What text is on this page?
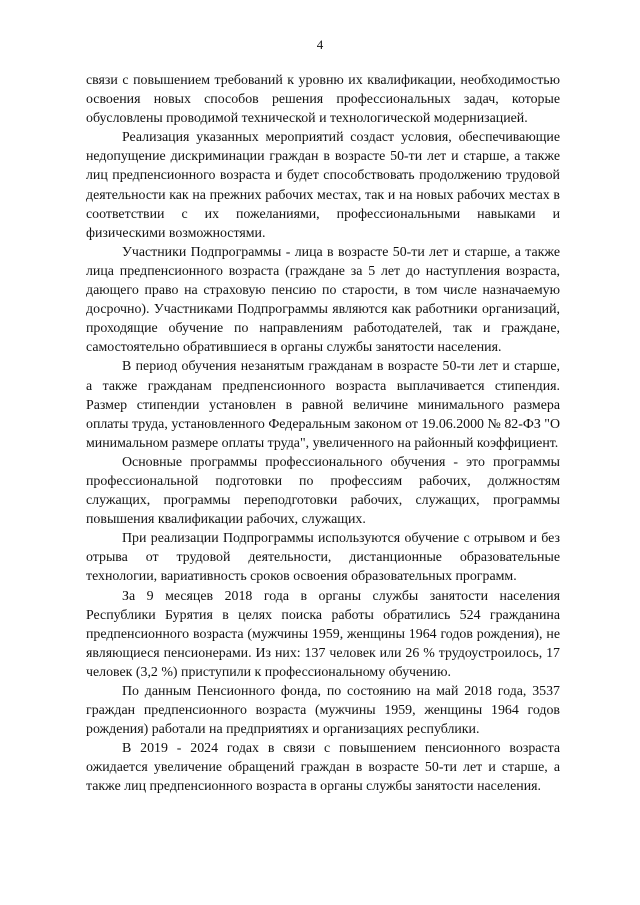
4

связи с повышением требований к уровню их квалификации, необходимостью освоения новых способов решения профессиональных задач, которые обусловлены проводимой технической и технологической модернизацией.

Реализация указанных мероприятий создаст условия, обеспечивающие недопущение дискриминации граждан в возрасте 50-ти лет и старше, а также лиц предпенсионного возраста и будет способствовать продолжению трудовой деятельности как на прежних рабочих местах, так и на новых рабочих местах в соответствии с их пожеланиями, профессиональными навыками и физическими возможностями.

Участники Подпрограммы - лица в возрасте 50-ти лет и старше, а также лица предпенсионного возраста (граждане за 5 лет до наступления возраста, дающего право на страховую пенсию по старости, в том числе назначаемую досрочно). Участниками Подпрограммы являются как работники организаций, проходящие обучение по направлениям работодателей, так и граждане, самостоятельно обратившиеся в органы службы занятости населения.

В период обучения незанятым гражданам в возрасте 50-ти лет и старше, а также гражданам предпенсионного возраста выплачивается стипендия. Размер стипендии установлен в равной величине минимального размера оплаты труда, установленного Федеральным законом от 19.06.2000 № 82-ФЗ "О минимальном размере оплаты труда", увеличенного на районный коэффициент.

Основные программы профессионального обучения - это программы профессиональной подготовки по профессиям рабочих, должностям служащих, программы переподготовки рабочих, служащих, программы повышения квалификации рабочих, служащих.

При реализации Подпрограммы используются обучение с отрывом и без отрыва от трудовой деятельности, дистанционные образовательные технологии, вариативность сроков освоения образовательных программ.

За 9 месяцев 2018 года в органы службы занятости населения Республики Бурятия в целях поиска работы обратились 524 гражданина предпенсионного возраста (мужчины 1959, женщины 1964 годов рождения), не являющиеся пенсионерами. Из них: 137 человек или 26 % трудоустроилось, 17 человек (3,2 %) приступили к профессиональному обучению.

По данным Пенсионного фонда, по состоянию на май 2018 года, 3537 граждан предпенсионного возраста (мужчины 1959, женщины 1964 годов рождения) работали на предприятиях и организациях республики.

В 2019 - 2024 годах в связи с повышением пенсионного возраста ожидается увеличение обращений граждан в возрасте 50-ти лет и старше, а также лиц предпенсионного возраста в органы службы занятости населения.
